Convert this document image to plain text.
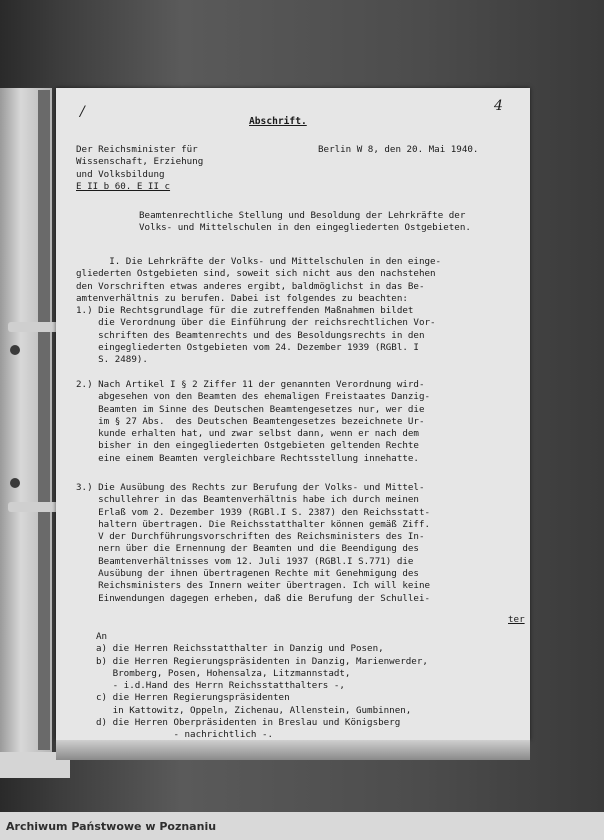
/	4
Abschrift.
Der Reichsminister für
Wissenschaft, Erziehung
und Volksbildung
E II b 60. E II c
Berlin W 8, den 20. Mai 1940.
Beamtenrechtliche Stellung und Besoldung der Lehrkräfte der
Volks- und Mittelschulen in den eingegliederten Ostgebieten.
I. Die Lehrkräfte der Volks- und Mittelschulen in den einge-
gliederten Ostgebieten sind, soweit sich nicht aus den nachstehen
den Vorschriften etwas anderes ergibt, baldmöglichst in das Be-
amtenverhältnis zu berufen. Dabei ist folgendes zu beachten:
1.) Die Rechtsgrundlage für die zutreffenden Maßnahmen bildet
die Verordnung über die Einführung der reichsrechtlichen Vor-
schriften des Beamtenrechts und des Besoldungsrechts in den
eingegliederten Ostgebieten vom 24. Dezember 1939 (RGBl. I
S. 2489).
2.) Nach Artikel I § 2 Ziffer 11 der genannten Verordnung wird-
abgesehen von den Beamten des ehemaligen Freistaates Danzig-
Beamten im Sinne des Deutschen Beamtengesetzes nur, wer die
im § 27 Abs.  des Deutschen Beamtengesetzes bezeichnete Ur-
kunde erhalten hat, und zwar selbst dann, wenn er nach dem
bisher in den eingegliederten Ostgebieten geltenden Rechte
eine einem Beamten vergleichbare Rechtsstellung innehatte.
3.) Die Ausübung des Rechts zur Berufung der Volks- und Mittel-
schullehrer in das Beamtenverhältnis habe ich durch meinen
Erlaß vom 2. Dezember 1939 (RGBl.I S. 2387) den Reichsstatt-
haltern übertragen. Die Reichsstatthalter können gemäß Ziff.
V der Durchführungsvorschriften des Reichsministers des In-
nern über die Ernennung der Beamten und die Beendigung des
Beamtenverhältnisses vom 12. Juli 1937 (RGBl.I S.771) die
Ausübung der ihnen übertragenen Rechte mit Genehmigung des
Reichsministers des Innern weiter übertragen. Ich will keine
Einwendungen dagegen erheben, daß die Berufung der Schullei-
ter
An
a) die Herren Reichsstatthalter in Danzig und Posen,
b) die Herren Regierungspräsidenten in Danzig, Marienwerder,
Bromberg, Posen, Hohensalza, Litzmannstadt,
- i.d.Hand des Herrn Reichsstatthalters -,
c) die Herren Regierungspräsidenten
in Kattowitz, Oppeln, Zichenau, Allenstein, Gumbinnen,
d) die Herren Oberpräsidenten in Breslau und Königsberg
- nachrichtlich -.
Archiwum Państwowe w Poznaniu
